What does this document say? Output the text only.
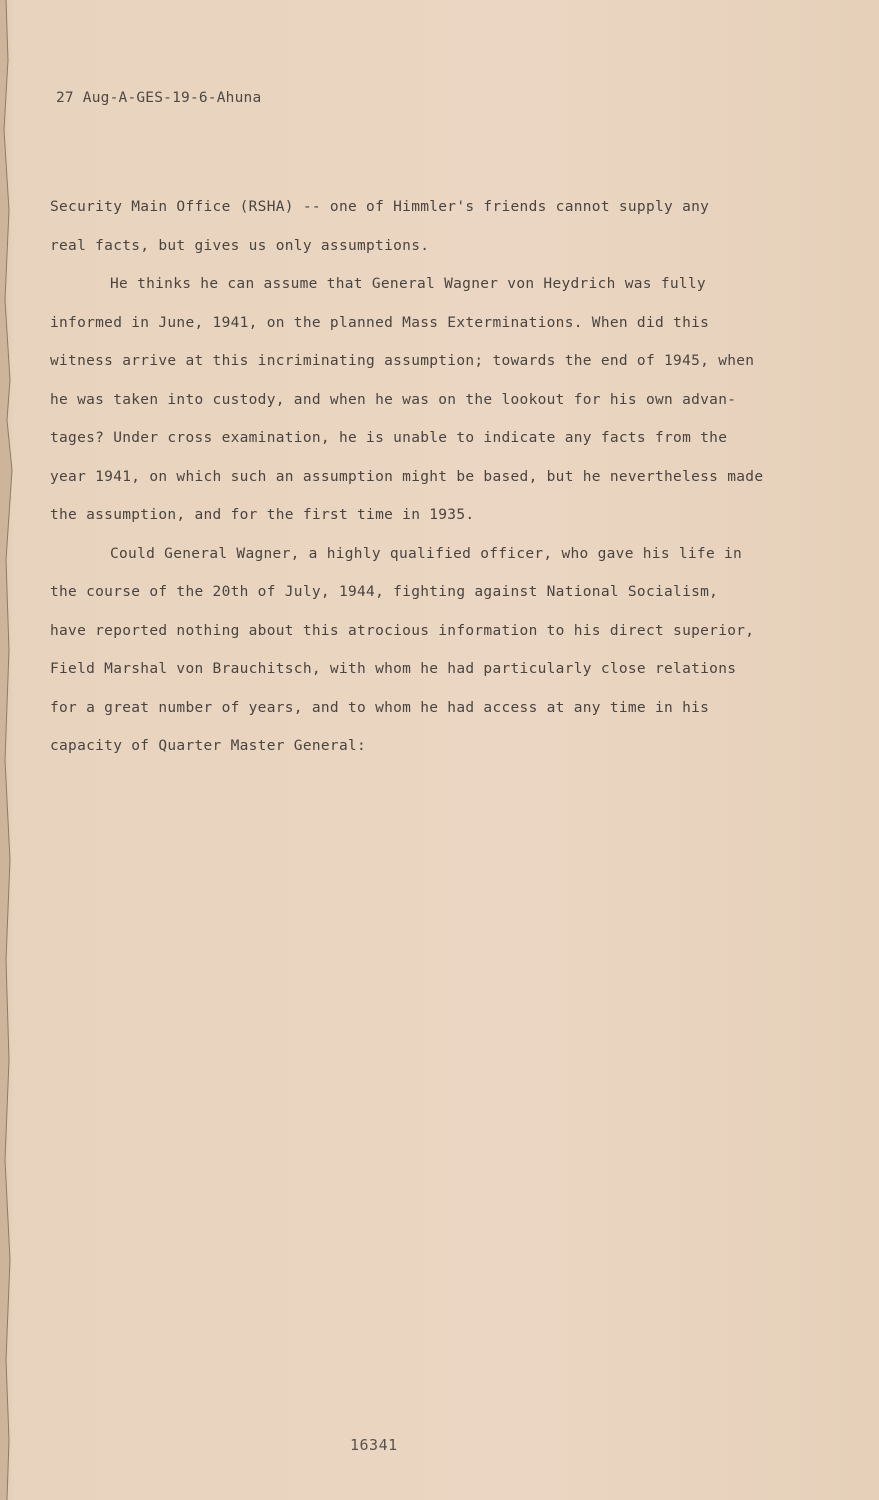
27 Aug-A-GES-19-6-Ahuna
Security Main Office (RSHA) -- one of Himmler's friends cannot supply any
real facts, but gives us only assumptions.
He thinks he can assume that General Wagner von Heydrich was fully
informed in June, 1941, on the planned Mass Exterminations. When did this
witness arrive at this incriminating assumption; towards the end of 1945, when
he was taken into custody, and when he was on the lookout for his own advan-
tages? Under cross examination, he is unable to indicate any facts from the
year 1941, on which such an assumption might be based, but he nevertheless made
the assumption, and for the first time in 1935.
Could General Wagner, a highly qualified officer, who gave his life in
the course of the 20th of July, 1944, fighting against National Socialism,
have reported nothing about this atrocious information to his direct superior,
Field Marshal von Brauchitsch, with whom he had particularly close relations
for a great number of years, and to whom he had access at any time in his
capacity of Quarter Master General:
16341
